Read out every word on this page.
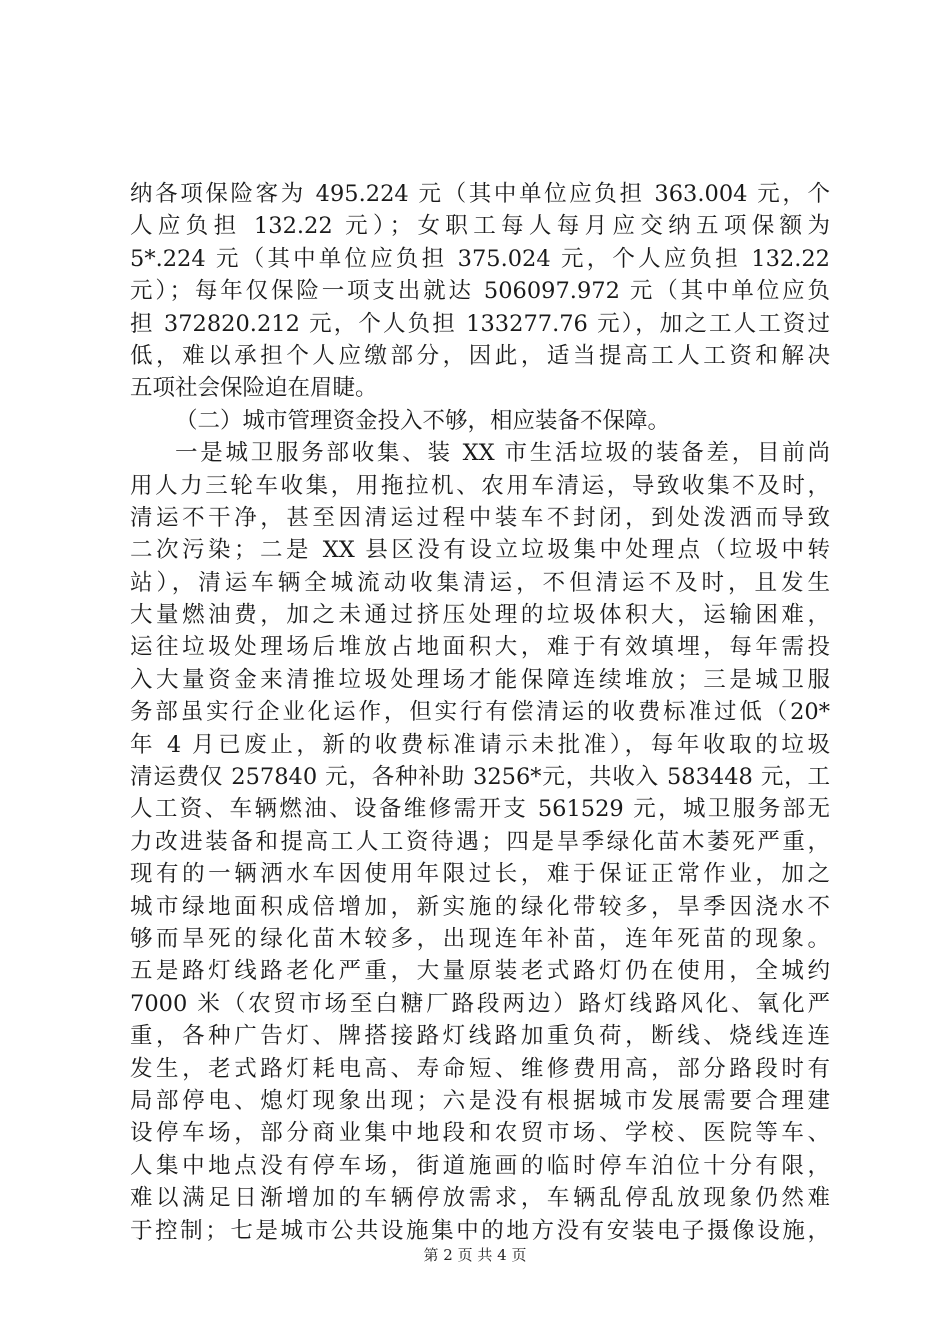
纳各项保险客为 495.224 元（其中单位应负担 363.004 元，个
人应负担 132.22 元）；女职工每人每月应交纳五项保额为
5*.224 元（其中单位应负担 375.024 元，个人应负担 132.22
元）；每年仅保险一项支出就达 506097.972 元（其中单位应负
担 372820.212 元，个人负担 133277.76 元），加之工人工资过
低，难以承担个人应缴部分，因此，适当提高工人工资和解决
五项社会保险迫在眉睫。
（二）城市管理资金投入不够，相应装备不保障。
一是城卫服务部收集、装 XX 市生活垃圾的装备差，目前尚
用人力三轮车收集，用拖拉机、农用车清运，导致收集不及时，
清运不干净，甚至因清运过程中装车不封闭，到处泼洒而导致
二次污染；二是 XX 县区没有设立垃圾集中处理点（垃圾中转
站），清运车辆全城流动收集清运，不但清运不及时，且发生
大量燃油费，加之未通过挤压处理的垃圾体积大，运输困难，
运往垃圾处理场后堆放占地面积大，难于有效填埋，每年需投
入大量资金来清推垃圾处理场才能保障连续堆放；三是城卫服
务部虽实行企业化运作，但实行有偿清运的收费标准过低（20*
年 4 月已废止，新的收费标准请示未批准），每年收取的垃圾
清运费仅 257840 元，各种补助 3256*元，共收入 583448 元，工
人工资、车辆燃油、设备维修需开支 561529 元，城卫服务部无
力改进装备和提高工人工资待遇；四是旱季绿化苗木萎死严重，
现有的一辆洒水车因使用年限过长，难于保证正常作业，加之
城市绿地面积成倍增加，新实施的绿化带较多，旱季因浇水不
够而旱死的绿化苗木较多，出现连年补苗，连年死苗的现象。
五是路灯线路老化严重，大量原装老式路灯仍在使用，全城约
7000 米（农贸市场至白糖厂路段两边）路灯线路风化、氧化严
重，各种广告灯、牌搭接路灯线路加重负荷，断线、烧线连连
发生，老式路灯耗电高、寿命短、维修费用高，部分路段时有
局部停电、熄灯现象出现；六是没有根据城市发展需要合理建
设停车场，部分商业集中地段和农贸市场、学校、医院等车、
人集中地点没有停车场，街道施画的临时停车泊位十分有限，
难以满足日渐增加的车辆停放需求，车辆乱停乱放现象仍然难
于控制；七是城市公共设施集中的地方没有安装电子摄像设施，
第 2 页 共 4 页
